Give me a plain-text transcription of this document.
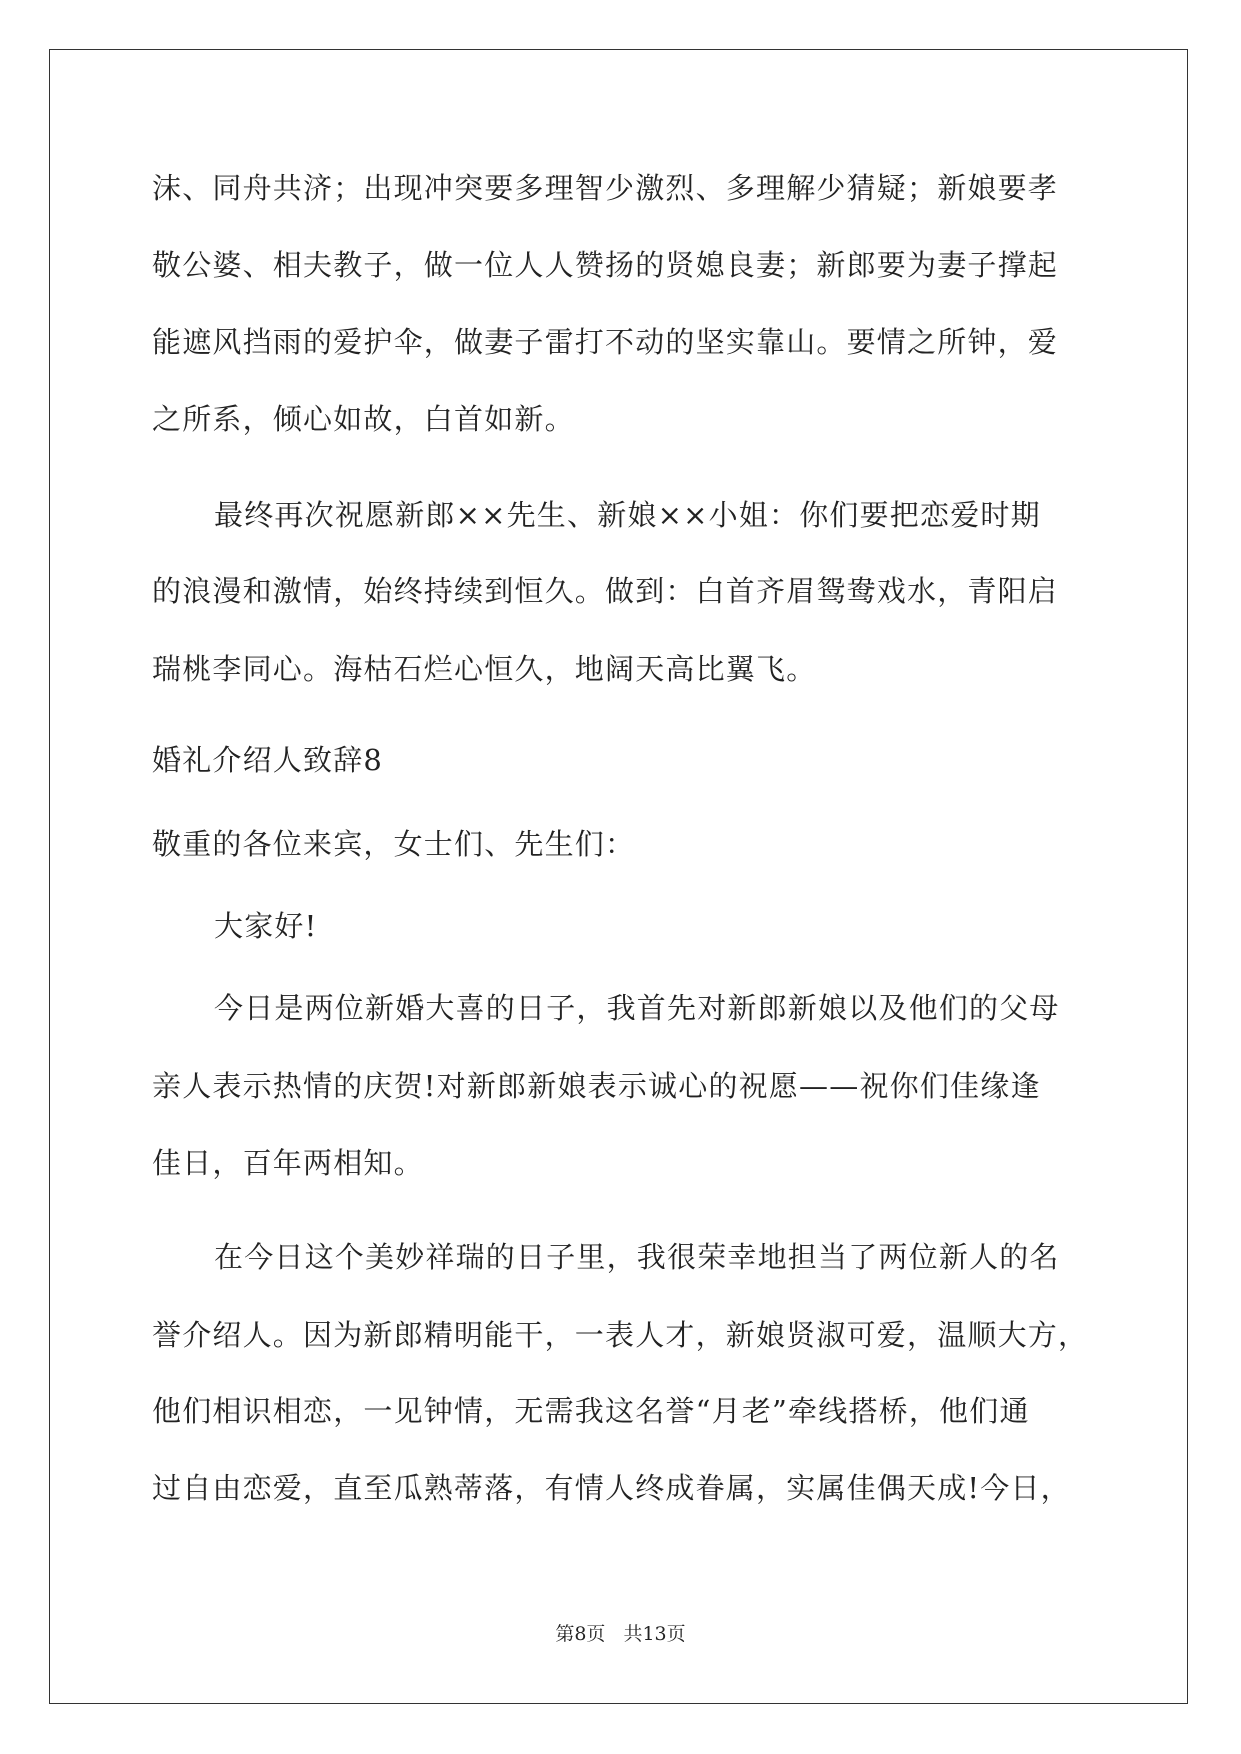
沫、同舟共济；出现冲突要多理智少激烈、多理解少猜疑；新娘要孝
敬公婆、相夫教子，做一位人人赞扬的贤媳良妻；新郎要为妻子撑起
能遮风挡雨的爱护伞，做妻子雷打不动的坚实靠山。要情之所钟，爱
之所系，倾心如故，白首如新。
最终再次祝愿新郎××先生、新娘××小姐：你们要把恋爱时期
的浪漫和激情，始终持续到恒久。做到：白首齐眉鸳鸯戏水，青阳启
瑞桃李同心。海枯石烂心恒久，地阔天高比翼飞。
婚礼介绍人致辞8
敬重的各位来宾，女士们、先生们：
大家好!
今日是两位新婚大喜的日子，我首先对新郎新娘以及他们的父母
亲人表示热情的庆贺!对新郎新娘表示诚心的祝愿——祝你们佳缘逢
佳日，百年两相知。
在今日这个美妙祥瑞的日子里，我很荣幸地担当了两位新人的名
誉介绍人。因为新郎精明能干，一表人才，新娘贤淑可爱，温顺大方，
他们相识相恋，一见钟情，无需我这名誉“月老”牵线搭桥，他们通
过自由恋爱，直至瓜熟蒂落，有情人终成眷属，实属佳偶天成!今日，
第8页 共13页
